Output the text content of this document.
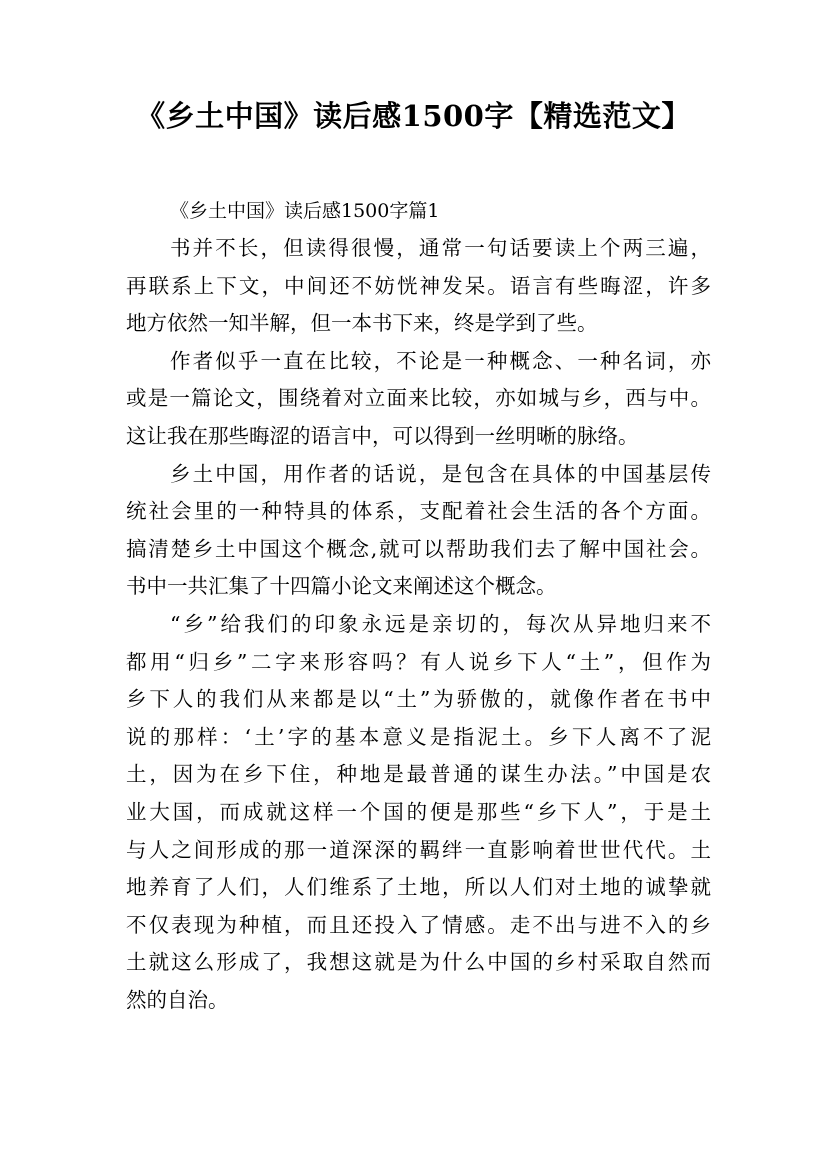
《乡土中国》读后感1500字【精选范文】
《乡土中国》读后感1500字篇1
书并不长，但读得很慢，通常一句话要读上个两三遍，
再联系上下文，中间还不妨恍神发呆。语言有些晦涩，许多
地方依然一知半解，但一本书下来，终是学到了些。
作者似乎一直在比较，不论是一种概念、一种名词，亦
或是一篇论文，围绕着对立面来比较，亦如城与乡，西与中。
这让我在那些晦涩的语言中，可以得到一丝明晰的脉络。
乡土中国，用作者的话说，是包含在具体的中国基层传
统社会里的一种特具的体系，支配着社会生活的各个方面。
搞清楚乡土中国这个概念,就可以帮助我们去了解中国社会。
书中一共汇集了十四篇小论文来阐述这个概念。
“乡”给我们的印象永远是亲切的，每次从异地归来不
都用“归乡”二字来形容吗？有人说乡下人“土”，但作为
乡下人的我们从来都是以“土”为骄傲的，就像作者在书中
说的那样：‘土’字的基本意义是指泥土。乡下人离不了泥
土，因为在乡下住，种地是最普通的谋生办法。”中国是农
业大国，而成就这样一个国的便是那些“乡下人”，于是土
与人之间形成的那一道深深的羁绊一直影响着世世代代。土
地养育了人们，人们维系了土地，所以人们对土地的诚挚就
不仅表现为种植，而且还投入了情感。走不出与进不入的乡
土就这么形成了，我想这就是为什么中国的乡村采取自然而
然的自治。
